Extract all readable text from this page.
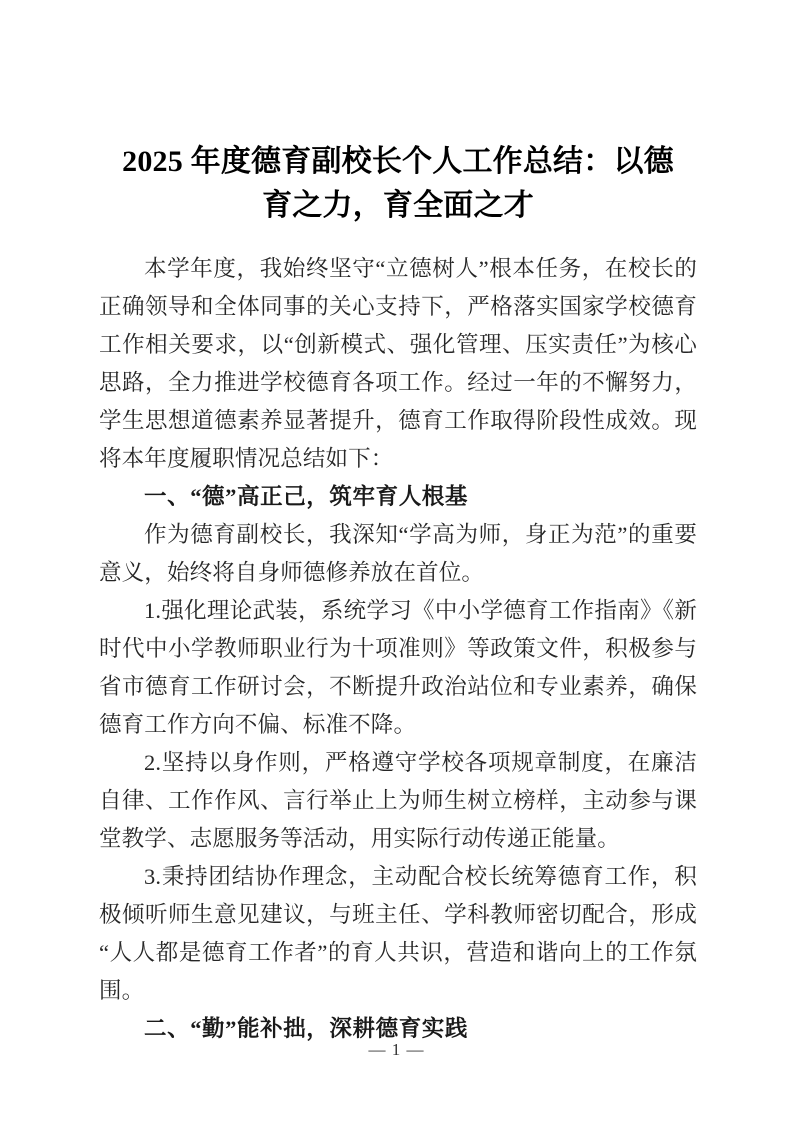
2025 年度德育副校长个人工作总结：以德
育之力，育全面之才

本学年度，我始终坚守“立德树人”根本任务，在校长的正确领导和全体同事的关心支持下，严格落实国家学校德育工作相关要求，以“创新模式、强化管理、压实责任”为核心思路，全力推进学校德育各项工作。经过一年的不懈努力，学生思想道德素养显著提升，德育工作取得阶段性成效。现将本年度履职情况总结如下：

一、“德”高正己，筑牢育人根基

作为德育副校长，我深知“学高为师，身正为范”的重要意义，始终将自身师德修养放在首位。

1.强化理论武装，系统学习《中小学德育工作指南》《新时代中小学教师职业行为十项准则》等政策文件，积极参与省市德育工作研讨会，不断提升政治站位和专业素养，确保德育工作方向不偏、标准不降。

2.坚持以身作则，严格遵守学校各项规章制度，在廉洁自律、工作作风、言行举止上为师生树立榜样，主动参与课堂教学、志愿服务等活动，用实际行动传递正能量。

3.秉持团结协作理念，主动配合校长统筹德育工作，积极倾听师生意见建议，与班主任、学科教师密切配合，形成“人人都是德育工作者”的育人共识，营造和谐向上的工作氛围。

二、“勤”能补拙，深耕德育实践

— 1 —
